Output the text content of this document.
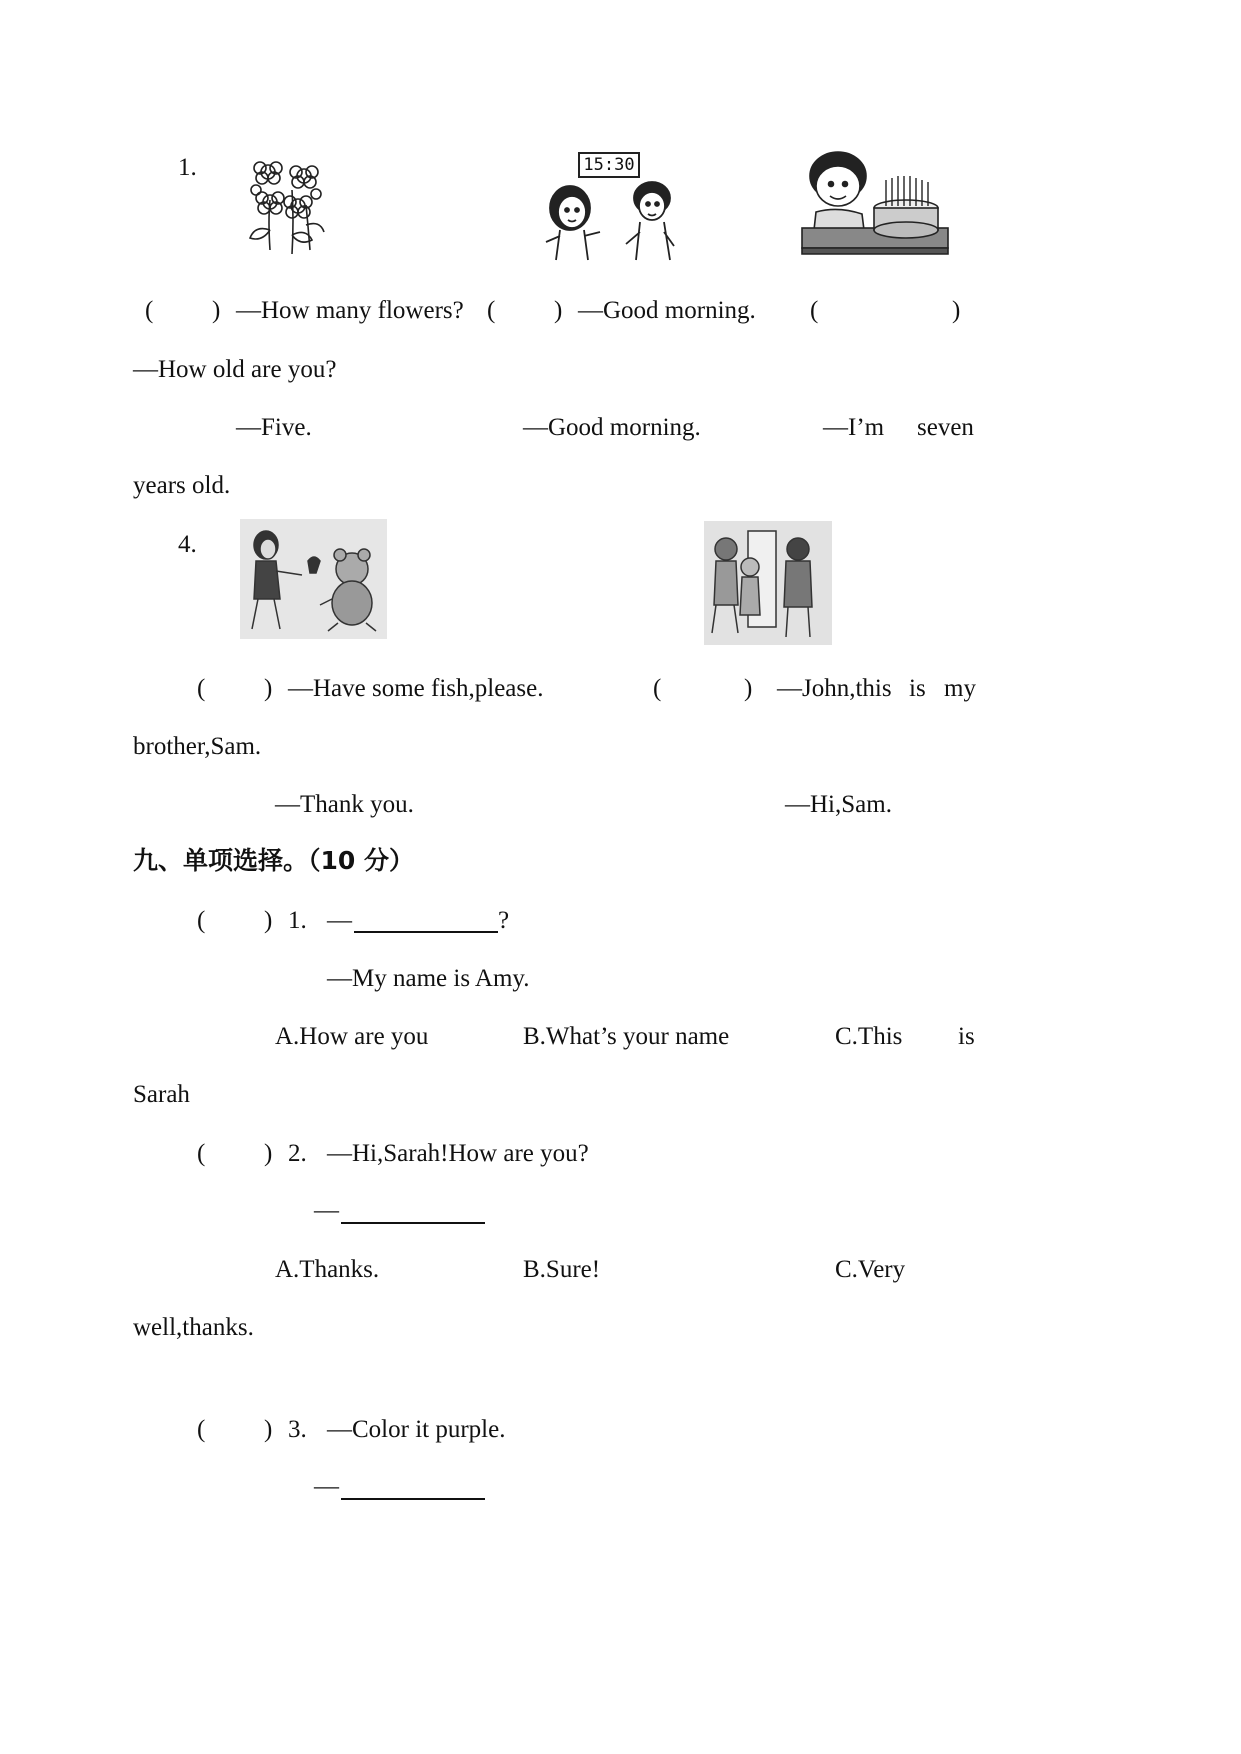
1.	15:30
( ) —How many flowers? ( ) —Good morning. (	)
—How old are you?
—Five.	—Good morning.	—I’m seven
years old.
4.
( ) —Have some fish,please.	(	) —John,this is my
brother,Sam.
—Thank you.	—Hi,Sam.
九、单项选择。（10 分）
( ) 1. —	?
—My name is Amy.
A.How are you	B.What’s your name	C.This is
Sarah
( ) 2. —Hi,Sarah!How are you?
—
A.Thanks.	B.Sure!	C.Very
well,thanks.
( ) 3. —Color it purple.
—
